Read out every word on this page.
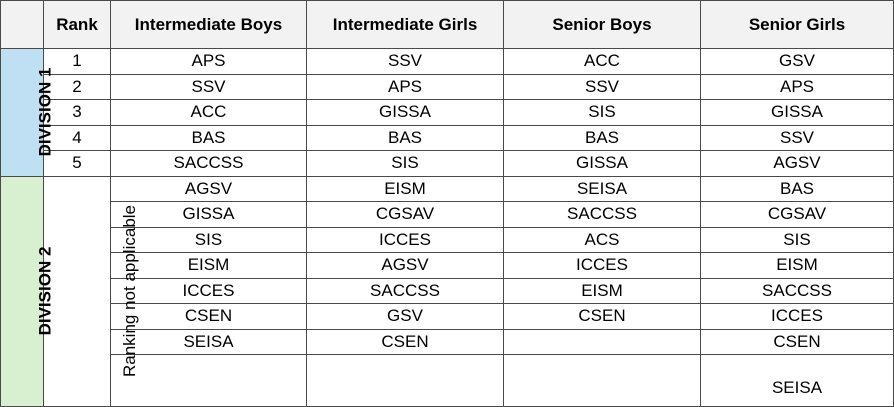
	Rank	Intermediate Boys	Intermediate Girls	Senior Boys	Senior Girls
DIVISION 1	1	APS	SSV	ACC	GSV
	2	SSV	APS	SSV	APS
	3	ACC	GISSA	SIS	GISSA
	4	BAS	BAS	BAS	SSV
	5	SACCSS	SIS	GISSA	AGSV
DIVISION 2	Ranking not applicable	AGSV	EISM	SEISA	BAS
		GISSA	CGSAV	SACCSS	CGSAV
		SIS	ICCES	ACS	SIS
		EISM	AGSV	ICCES	EISM
		ICCES	SACCSS	EISM	SACCSS
		CSEN	GSV	CSEN	ICCES
		SEISA	CSEN		CSEN
					SEISA
